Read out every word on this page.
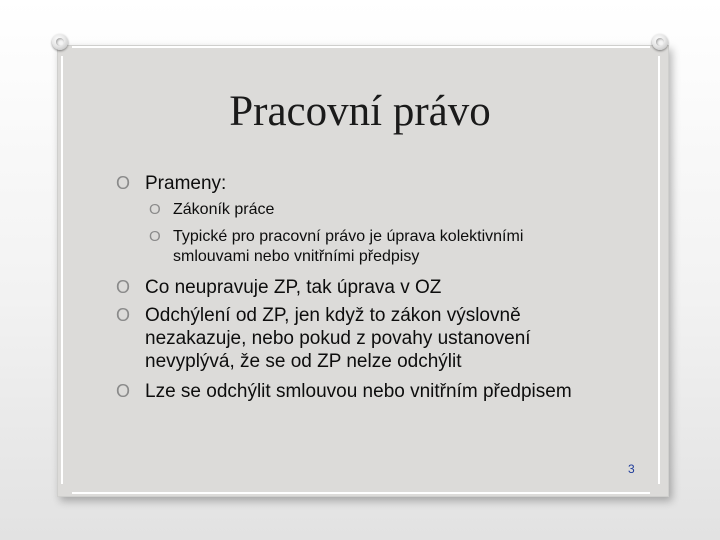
Pracovní právo
O Prameny:
O Zákoník práce
O Typické pro pracovní právo je úprava kolektivními smlouvami nebo vnitřními předpisy
O Co neupravuje ZP, tak úprava v OZ
O Odchýlení od ZP, jen když to zákon výslovně nezakazuje, nebo pokud z povahy ustanovení nevyplývá, že se od ZP nelze odchýlit
O Lze se odchýlit smlouvou nebo vnitřním předpisem
3
